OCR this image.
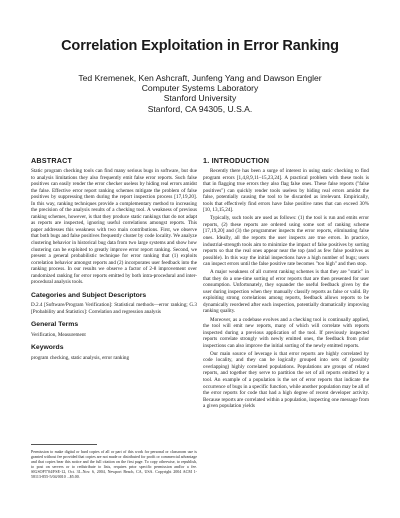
Correlation Exploitation in Error Ranking
Ted Kremenek, Ken Ashcraft, Junfeng Yang and Dawson Engler
Computer Systems Laboratory
Stanford University
Stanford, CA 94305, U.S.A.
ABSTRACT

Static program checking tools can find many serious bugs in software, but due to analysis limitations they also frequently emit false error reports. Such false positives can easily render the error checker useless by hiding real errors amidst the false. Effective error report ranking schemes mitigate the problem of false positives by suppressing them during the report inspection process [17,19,20]. In this way, ranking techniques provide a complementary method to increasing the precision of the analysis results of a checking tool. A weakness of previous ranking schemes, however, is that they produce static rankings that do not adapt as reports are inspected, ignoring useful correlations amongst reports. This paper addresses this weakness with two main contributions. First, we observe that both bugs and false positives frequently cluster by code locality. We analyze clustering behavior in historical bug data from two large systems and show how clustering can be exploited to greatly improve error report ranking. Second, we present a general probabilistic technique for error ranking that (1) exploits correlation behavior amongst reports and (2) incorporates user feedback into the ranking process. In our results we observe a factor of 2-8 improvement over randomized ranking for error reports emitted by both intra-procedural and inter-procedural analysis tools.

Categories and Subject Descriptors

D.2.4 [Software/Program Verification]: Statistical methods—error ranking; G.3 [Probability and Statistics]: Correlation and regression analysis

General Terms

Verification, Measurement

Keywords

program checking, static analysis, error ranking

Permission to make digital or hard copies of all or part of this work for personal or classroom use is granted without fee provided that copies are not made or distributed for profit or commercial advantage and that copies bear this notice and the full citation on the first page. To copy otherwise, to republish, to post on servers or to redistribute to lists, requires prior specific permission and/or a fee. SIGSOFT'04/FSE-12, Oct. 31–Nov. 6, 2004, Newport Beach, CA, USA. Copyright 2004 ACM 1-58113-855-5/04/0010 ...$5.00.
1. INTRODUCTION

Recently there has been a surge of interest in using static checking to find program errors [1,4,8,9,11–15,23,24]. A practical problem with these tools is that in flagging true errors they also flag false ones. These false reports ("false positives") can quickly render tools useless by hiding real errors amidst the false, potentially causing the tool to be discarded as irrelevant. Empirically, tools that effectively find errors have false positive rates that can exceed 30% [10, 13,15,24].

Typically, such tools are used as follows: (1) the tool is run and emits error reports, (2) these reports are ordered using some sort of ranking scheme [17,19,20] and (3) the programmer inspects the error reports, eliminating false ones. Ideally, all the reports the user inspects are true errors. In practice, industrial-strength tools aim to minimize the impact of false positives by sorting reports so that the real ones appear near the top (and as few false positives as possible). In this way the initial inspections have a high number of bugs; users can inspect errors until the false positive rate becomes "too high" and then stop.

A major weakness of all current ranking schemes is that they are "static" in that they do a one-time sorting of error reports that are then presented for user consumption. Unfortunately, they squander the useful feedback given by the user during inspection when they manually classify reports as false or valid. By exploiting strong correlations among reports, feedback allows reports to be dynamically reordered after each inspection, potentially dramatically improving ranking quality.

Moreover, as a codebase evolves and a checking tool is continually applied, the tool will emit new reports, many of which will correlate with reports inspected during a previous application of the tool. If previously inspected reports correlate strongly with newly emitted ones, the feedback from prior inspections can also improve the initial sorting of the newly emitted reports.

Our main source of leverage is that error reports are highly correlated by code locality, and they can be logically grouped into sets of (possibly overlapping) highly correlated populations. Populations are groups of related reports, and together they serve to partition the set of all reports emitted by a tool. An example of a population is the set of error reports that indicate the occurrence of bugs in a specific function, while another population may be all of the error reports for code that had a high degree of recent developer activity. Because reports are correlated within a population, inspecting one message from a given population yields
